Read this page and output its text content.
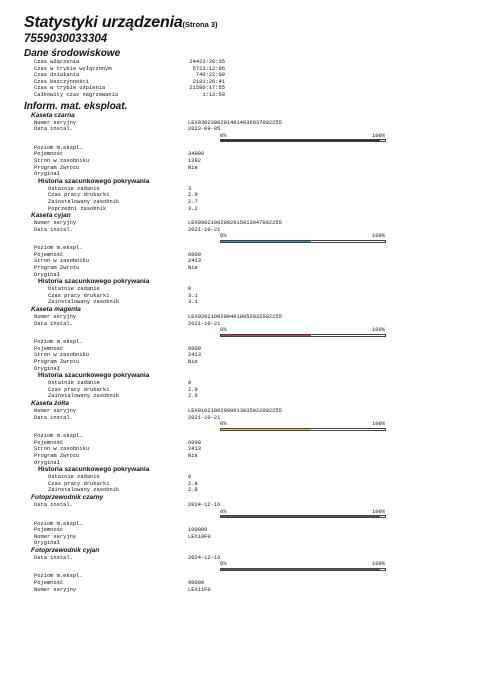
Statystyki urządzenia(Strona 3)
7559030033304
Dane środowiskowe
Czas włączenia	24423:20:35
Czas w trybie wyłączonym	5723:12:06
Czas działania	740:22:09
Czas bezczynności	2101:26:41
Czas w trybie uśpienia	21580:17:55
Całkowity czas nagrzewania	1:13:50
Inform. mat. eksploat.
Kaseta czarna
Numer seryjny	LEX03023002014014036037002255
Data instal.	2023-09-05
0%	100%
Poziom m.ekspl.
Pojemność	34000
Stron w zasobniku	1392
Program Zwrotu	Nie
Oryginał
Historia szacunkowego pokrywania
Ostatnie zadanie	3
Czas pracy drukarki	2.9
Zainstalowany zasobnik	2.7
Poprzedni zasobnik	3.2
Kaseta cyjan
Numer seryjny	LEX00021002002015013047002255
Data instal.	2021-10-21
0%	100%
Poziom m.ekspl.
Pojemność	6000
Stron w zasobniku	2413
Program Zwrotu	Nie
Oryginał
Historia szacunkowego pokrywania
Ostatnie zadanie	0
Czas pracy drukarki	3.1
Zainstalowany zasobnik	3.1
Kaseta magenta
Numer seryjny	LEX02021002004010052032002255
Data instal.	2021-10-21
0%	100%
Poziom m.ekspl.
Pojemność	6000
Stron w zasobniku	2413
Program Zwrotu	Nie
Oryginał
Historia szacunkowego pokrywania
Ostatnie zadanie	0
Czas pracy drukarki	2.9
Zainstalowany zasobnik	2.9
Kaseta żółta
Numer seryjny	LEX01021002008013035022002255
Data instal.	2021-10-21
0%	100%
Poziom m.ekspl.
Pojemność	6000
Stron w zasobniku	2413
Program Zwrotu	Nie
Oryginał
Historia szacunkowego pokrywania
Ostatnie zadanie	0
Czas pracy drukarki	2.8
Zainstalowany zasobnik	2.8
Fotoprzewodnik czarny
Data instal.	2024-12-16
0%	100%
Poziom m.ekspl.
Pojemność	100000
Numer seryjny	LEX10F0
Oryginał
Fotoprzewodnik cyjan
Data instal.	2024-12-16
0%	100%
Poziom m.ekspl.
Pojemność	90000
Numer seryjny	LEX11F0
